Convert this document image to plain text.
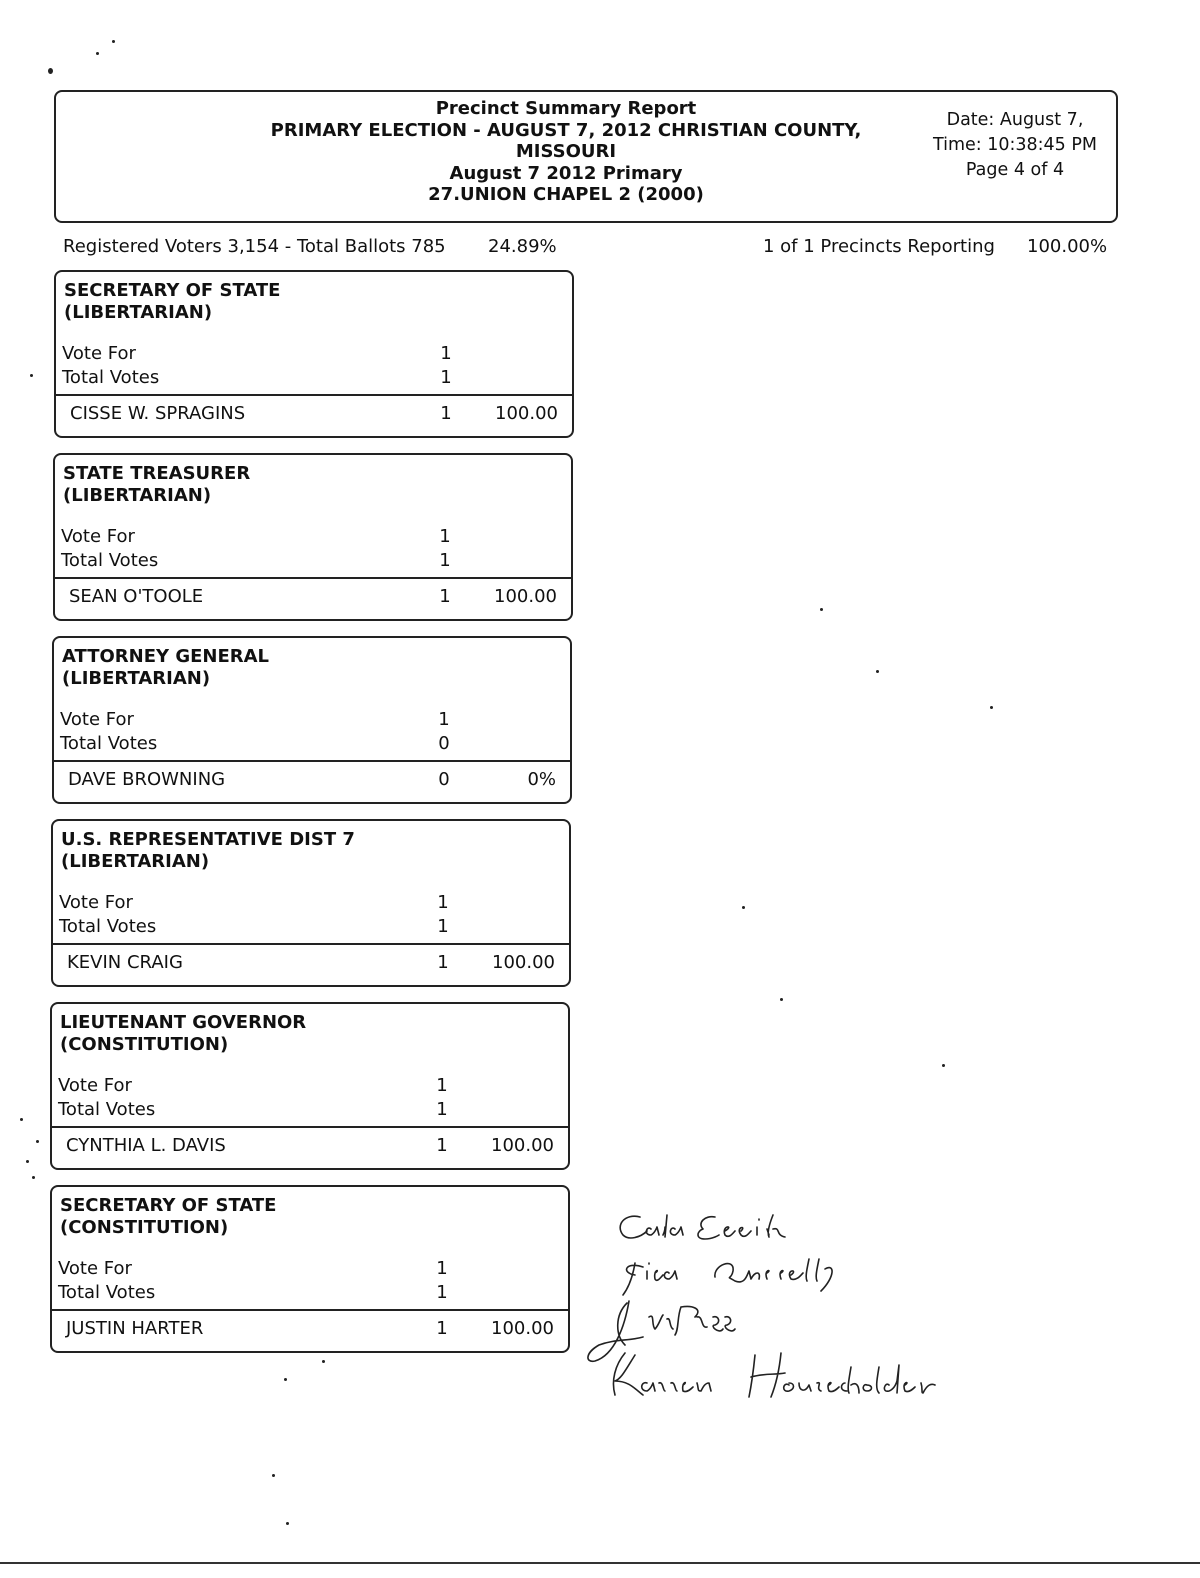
Precinct Summary Report
PRIMARY ELECTION - AUGUST 7, 2012 CHRISTIAN COUNTY,
MISSOURI
August 7 2012 Primary
27.UNION CHAPEL 2 (2000)
Date: August 7,
Time: 10:38:45 PM
Page 4 of 4
Registered Voters 3,154 - Total Ballots 785 24.89%	1 of 1 Precincts Reporting 100.00%
SECRETARY OF STATE
(LIBERTARIAN)
Vote For	1
Total Votes	1
CISSE W. SPRAGINS	1 100.00
STATE TREASURER
(LIBERTARIAN)
Vote For	1
Total Votes	1
SEAN O'TOOLE	1 100.00
ATTORNEY GENERAL
(LIBERTARIAN)
Vote For	1
Total Votes	0
DAVE BROWNING	0	0%
U.S. REPRESENTATIVE DIST 7
(LIBERTARIAN)
Vote For	1
Total Votes	1
KEVIN CRAIG	1 100.00
LIEUTENANT GOVERNOR
(CONSTITUTION)
Vote For	1
Total Votes	1
CYNTHIA L. DAVIS	1 100.00
SECRETARY OF STATE
(CONSTITUTION)
Vote For	1
Total Votes	1
JUSTIN HARTER	1 100.00
